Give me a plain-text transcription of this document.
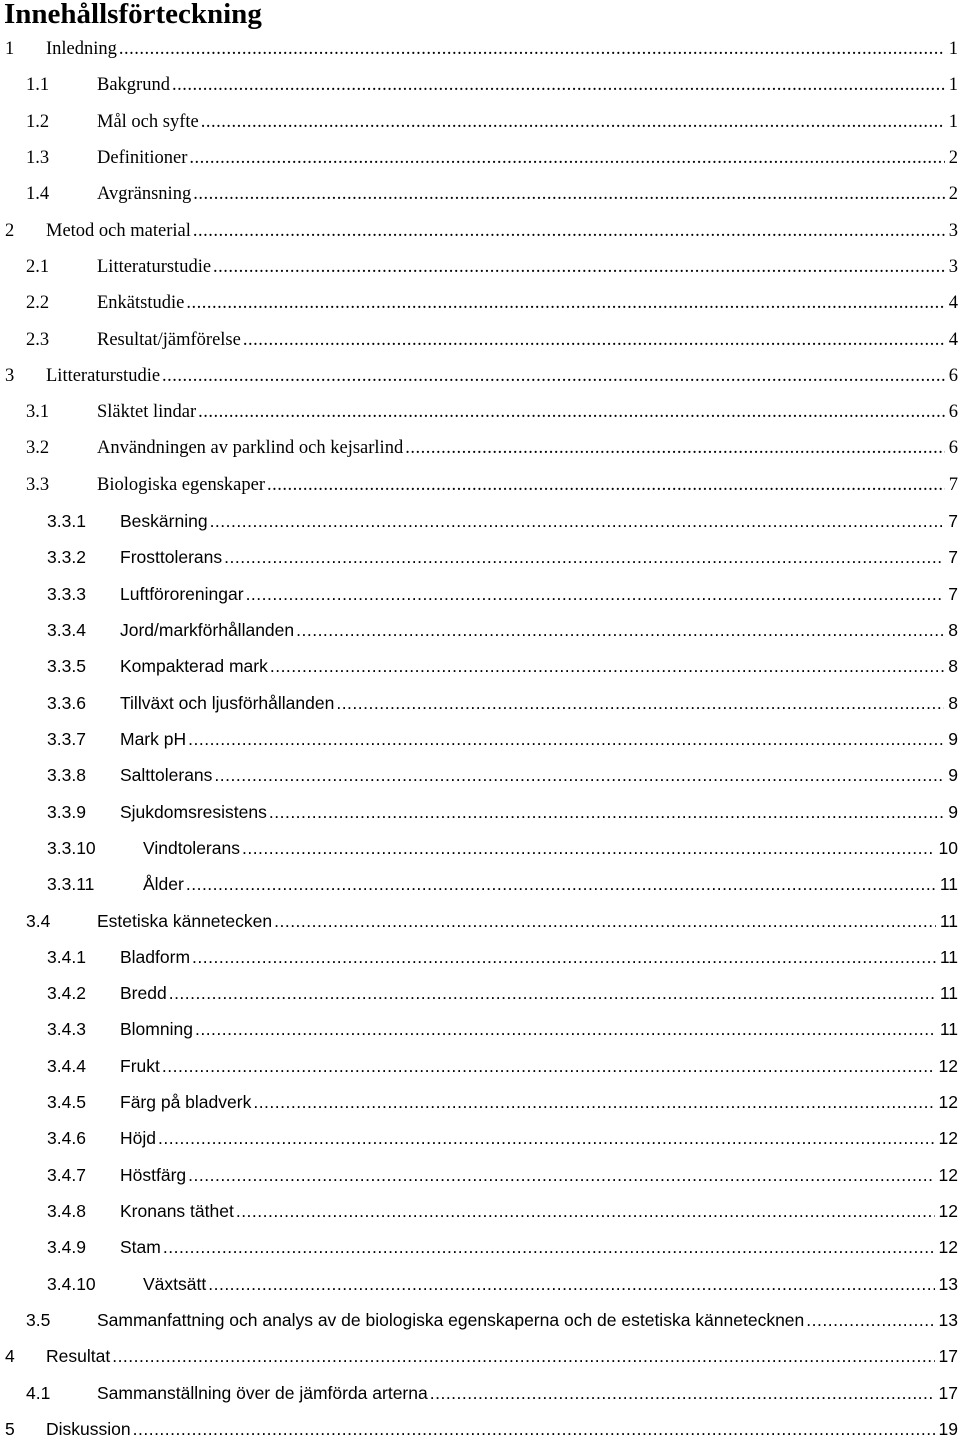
Innehållsförteckning
1	Inledning .....	1
1.1	Bakgrund .....	1
1.2	Mål och syfte .....	1
1.3	Definitioner .....	2
1.4	Avgränsning .....	2
2	Metod och material .....	3
2.1	Litteraturstudie .....	3
2.2	Enkätstudie .....	4
2.3	Resultat/jämförelse .....	4
3	Litteraturstudie .....	6
3.1	Släktet lindar .....	6
3.2	Användningen av parklind och kejsarlind .....	6
3.3	Biologiska egenskaper .....	7
3.3.1	Beskärning .....	7
3.3.2	Frosttolerans .....	7
3.3.3	Luftföroreningar .....	7
3.3.4	Jord/markförhållanden .....	8
3.3.5	Kompakterad mark .....	8
3.3.6	Tillväxt och ljusförhållanden .....	8
3.3.7	Mark pH .....	9
3.3.8	Salttolerans .....	9
3.3.9	Sjukdomsresistens .....	9
3.3.10	Vindtolerans .....	10
3.3.11	Ålder .....	11
3.4	Estetiska kännetecken .....	11
3.4.1	Bladform .....	11
3.4.2	Bredd .....	11
3.4.3	Blomning .....	11
3.4.4	Frukt .....	12
3.4.5	Färg på bladverk .....	12
3.4.6	Höjd .....	12
3.4.7	Höstfärg .....	12
3.4.8	Kronans täthet .....	12
3.4.9	Stam .....	12
3.4.10	Växtsätt .....	13
3.5	Sammanfattning och analys av de biologiska egenskaperna och de estetiska kännetecknen .....	13
4	Resultat .....	17
4.1	Sammanställning över de jämförda arterna .....	17
5	Diskussion .....	19
